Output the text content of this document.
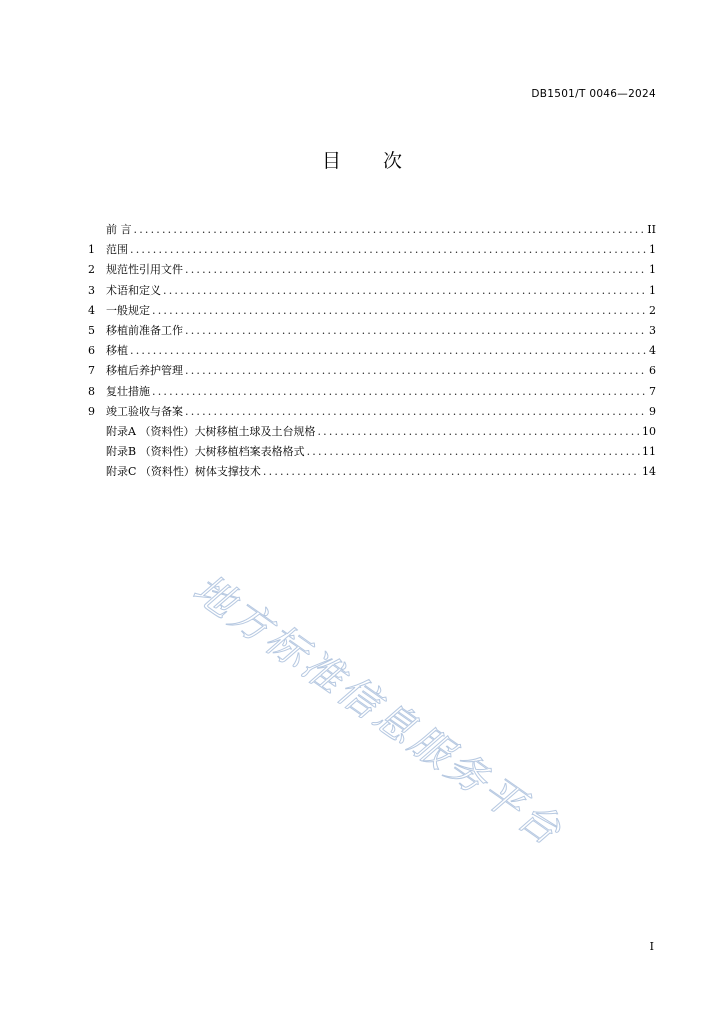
DB1501/T 0046—2024
目 次
前 言 .....	II
1	范围 .....	1
2	规范性引用文件 .....	1
3	术语和定义 .....	1
4	一般规定 .....	2
5	移植前准备工作 .....	3
6	移植 .....	4
7	移植后养护管理 .....	6
8	复壮措施 .....	7
9	竣工验收与备案 .....	9
附录A （资料性）大树移植土球及土台规格 .....	10
附录B （资料性）大树移植档案表格格式 .....	11
附录C （资料性）树体支撑技术 .....	14
地方标准信息服务平台
I
